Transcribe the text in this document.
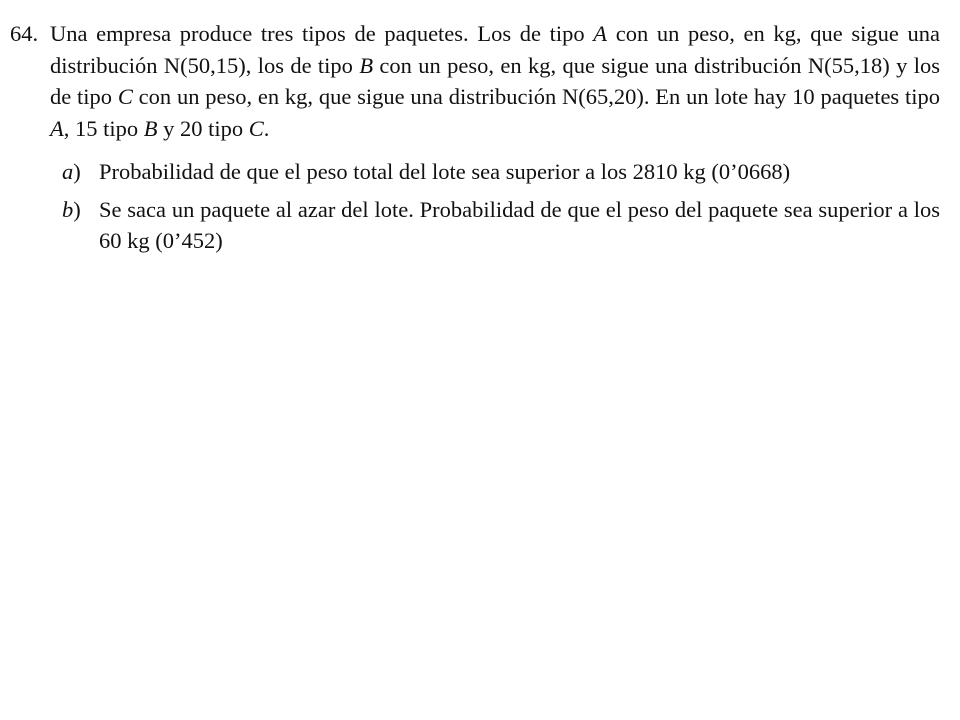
64. Una empresa produce tres tipos de paquetes. Los de tipo A con un peso, en kg, que sigue una distribución N(50,15), los de tipo B con un peso, en kg, que sigue una distribución N(55,18) y los de tipo C con un peso, en kg, que sigue una distribución N(65,20). En un lote hay 10 paquetes tipo A, 15 tipo B y 20 tipo C.
a) Probabilidad de que el peso total del lote sea superior a los 2810 kg (0’0668)
b) Se saca un paquete al azar del lote. Probabilidad de que el peso del paquete sea superior a los 60 kg (0’452)
